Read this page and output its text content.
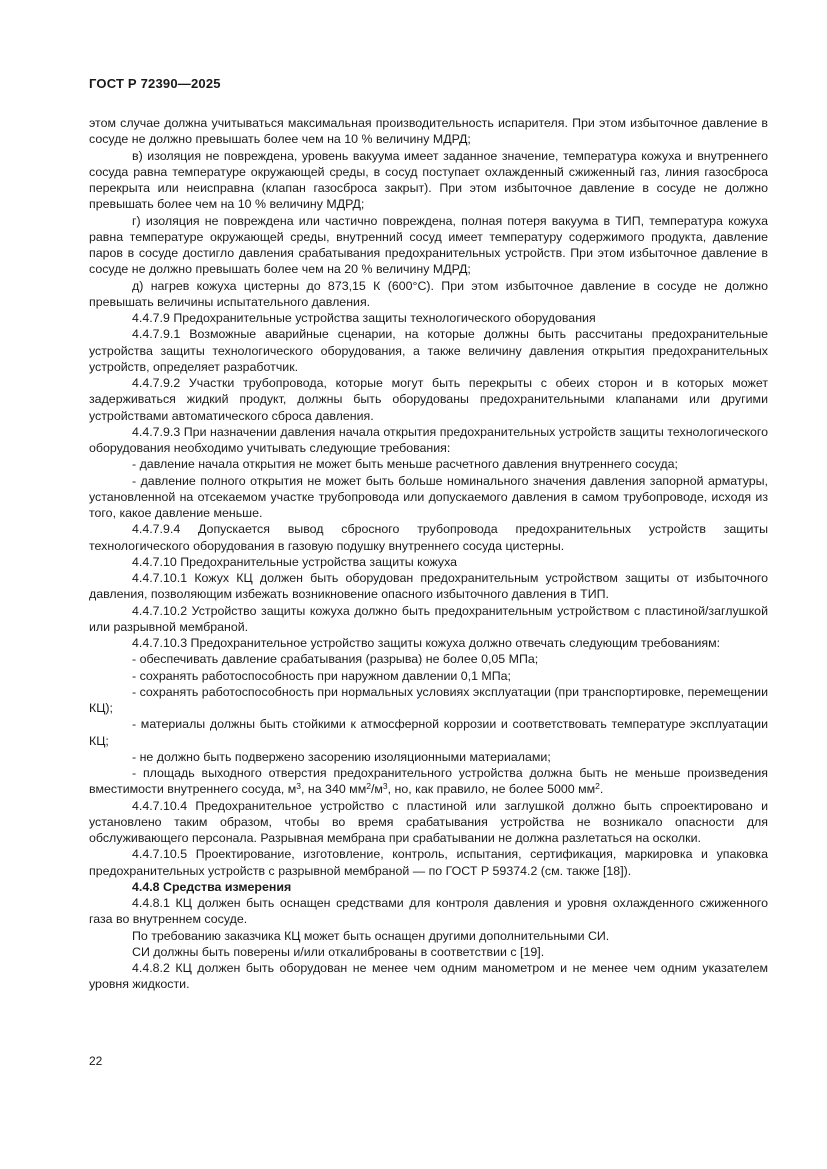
ГОСТ Р 72390—2025

этом случае должна учитываться максимальная производительность испарителя. При этом избыточное давление в сосуде не должно превышать более чем на 10 % величину МДРД;

в) изоляция не повреждена, уровень вакуума имеет заданное значение, температура кожуха и внутреннего сосуда равна температуре окружающей среды, в сосуд поступает охлажденный сжиженный газ, линия газосброса перекрыта или неисправна (клапан газосброса закрыт). При этом избыточное давление в сосуде не должно превышать более чем на 10 % величину МДРД;

г) изоляция не повреждена или частично повреждена, полная потеря вакуума в ТИП, температура кожуха равна температуре окружающей среды, внутренний сосуд имеет температуру содержимого продукта, давление паров в сосуде достигло давления срабатывания предохранительных устройств. При этом избыточное давление в сосуде не должно превышать более чем на 20 % величину МДРД;

д) нагрев кожуха цистерны до 873,15 К (600°C). При этом избыточное давление в сосуде не должно превышать величины испытательного давления.

4.4.7.9 Предохранительные устройства защиты технологического оборудования

4.4.7.9.1 Возможные аварийные сценарии, на которые должны быть рассчитаны предохранительные устройства защиты технологического оборудования, а также величину давления открытия предохранительных устройств, определяет разработчик.

4.4.7.9.2 Участки трубопровода, которые могут быть перекрыты с обеих сторон и в которых может задерживаться жидкий продукт, должны быть оборудованы предохранительными клапанами или другими устройствами автоматического сброса давления.

4.4.7.9.3 При назначении давления начала открытия предохранительных устройств защиты технологического оборудования необходимо учитывать следующие требования:

- давление начала открытия не может быть меньше расчетного давления внутреннего сосуда;

- давление полного открытия не может быть больше номинального значения давления запорной арматуры, установленной на отсекаемом участке трубопровода или допускаемого давления в самом трубопроводе, исходя из того, какое давление меньше.

4.4.7.9.4 Допускается вывод сбросного трубопровода предохранительных устройств защиты технологического оборудования в газовую подушку внутреннего сосуда цистерны.

4.4.7.10 Предохранительные устройства защиты кожуха

4.4.7.10.1 Кожух КЦ должен быть оборудован предохранительным устройством защиты от избыточного давления, позволяющим избежать возникновение опасного избыточного давления в ТИП.

4.4.7.10.2 Устройство защиты кожуха должно быть предохранительным устройством с пластиной/заглушкой или разрывной мембраной.

4.4.7.10.3 Предохранительное устройство защиты кожуха должно отвечать следующим требованиям:

- обеспечивать давление срабатывания (разрыва) не более 0,05 МПа;

- сохранять работоспособность при наружном давлении 0,1 МПа;

- сохранять работоспособность при нормальных условиях эксплуатации (при транспортировке, перемещении КЦ);

- материалы должны быть стойкими к атмосферной коррозии и соответствовать температуре эксплуатации КЦ;

- не должно быть подвержено засорению изоляционными материалами;

- площадь выходного отверстия предохранительного устройства должна быть не меньше произведения вместимости внутреннего сосуда, $м^3$, на 340 $мм^2/м^3$, но, как правило, не более 5000 $мм^2$.

4.4.7.10.4 Предохранительное устройство с пластиной или заглушкой должно быть спроектировано и установлено таким образом, чтобы во время срабатывания устройства не возникало опасности для обслуживающего персонала. Разрывная мембрана при срабатывании не должна разлетаться на осколки.

4.4.7.10.5 Проектирование, изготовление, контроль, испытания, сертификация, маркировка и упаковка предохранительных устройств с разрывной мембраной — по ГОСТ Р 59374.2 (см. также [18]).

4.4.8 Средства измерения

4.4.8.1 КЦ должен быть оснащен средствами для контроля давления и уровня охлажденного сжиженного газа во внутреннем сосуде.

По требованию заказчика КЦ может быть оснащен другими дополнительными СИ.

СИ должны быть поверены и/или откалиброваны в соответствии с [19].

4.4.8.2 КЦ должен быть оборудован не менее чем одним манометром и не менее чем одним указателем уровня жидкости.

22
